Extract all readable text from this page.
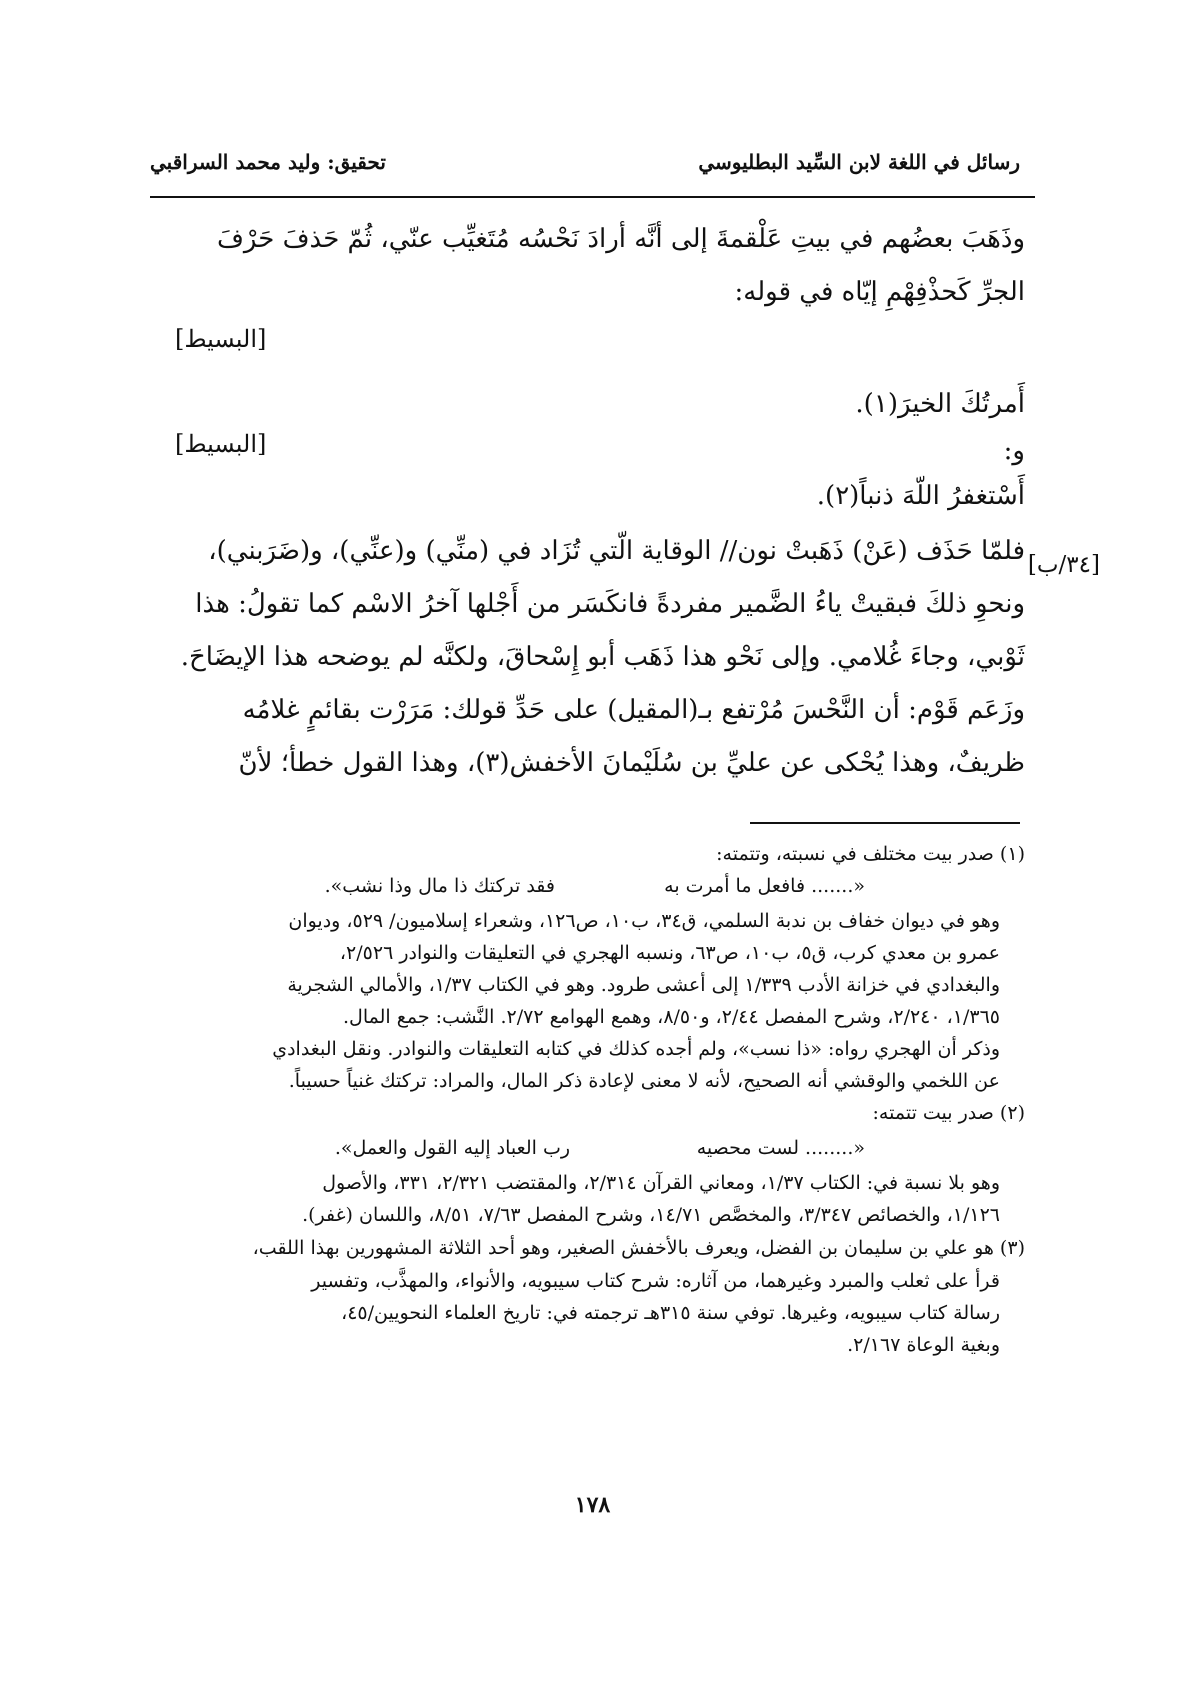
رسائل في اللغة لابن السِّيد البطليوسي
تحقيق: وليد محمد السراقبي
وذَهَبَ بعضُهم في بيتِ عَلْقمةَ إلى أنَّه أرادَ نَحْسُه مُتَغيِّب عنّي، ثُمّ حَذفَ حَرْفَ
الجرِّ كَحذْفِهْمِ إيّاه في قوله:
[البسيط]
أَمرتُكَ الخيرَ(١).
[البسيط]	و:
أَسْتغفرُ اللّهَ ذنباً(٢).
[٣٤/ب]
فلمّا حَذَف (عَنْ) ذَهَبتْ نون// الوقاية الّتي تُزَاد في (منِّي) و(عنِّي)، و(ضَرَبني)،
ونحوِ ذلكَ فبقيتْ ياءُ الضَّمير مفردةً فانكَسَر من أَجْلها آخرُ الاسْم كما تقولُ: هذا
ثَوْبي، وجاءَ غُلامي. وإلى نَحْو هذا ذَهَب أبو إِسْحاقَ، ولكنَّه لم يوضحه هذا الإيضَاحَ.
وزَعَم قَوْم: أن النَّحْسَ مُرْتفع بـ(المقيل) على حَدِّ قولك: مَرَرْت بقائمٍ غلامُه
ظريفٌ، وهذا يُحْكى عن عليِّ بن سُلَيْمانَ الأخفش(٣)، وهذا القول خطأ؛ لأنّ
(١) صدر بيت مختلف في نسبته، وتتمته:
«....... فافعل ما أمرت به
فقد تركتك ذا مال وذا نشب».
وهو في ديوان خفاف بن ندبة السلمي، ق٣٤، ب١٠، ص١٢٦، وشعراء إسلاميون/ ٥٢٩، وديوان
عمرو بن معدي كرب، ق٥، ب١٠، ص٦٣، ونسبه الهجري في التعليقات والنوادر ٢/٥٢٦،
والبغدادي في خزانة الأدب ١/٣٣٩ إلى أعشى طرود. وهو في الكتاب ١/٣٧، والأمالي الشجرية
١/٣٦٥، ٢/٢٤٠، وشرح المفصل ٢/٤٤، و٨/٥٠، وهمع الهوامع ٢/٧٢. النَّشب: جمع المال.
وذكر أن الهجري رواه: «ذا نسب»، ولم أجده كذلك في كتابه التعليقات والنوادر. ونقل البغدادي
عن اللخمي والوقشي أنه الصحيح، لأنه لا معنى لإعادة ذكر المال، والمراد: تركتك غنياً حسيباً.
(٢) صدر بيت تتمته:
«........ لست محصيه
رب العباد إليه القول والعمل».
وهو بلا نسبة في: الكتاب ١/٣٧، ومعاني القرآن ٢/٣١٤، والمقتضب ٢/٣٢١، ٣٣١، والأصول
١/١٢٦، والخصائص ٣/٣٤٧، والمخصَّص ١٤/٧١، وشرح المفصل ٧/٦٣، ٨/٥١، واللسان (غفر).
(٣) هو علي بن سليمان بن الفضل، ويعرف بالأخفش الصغير، وهو أحد الثلاثة المشهورين بهذا اللقب،
قرأ على ثعلب والمبرد وغيرهما، من آثاره: شرح كتاب سيبويه، والأنواء، والمهذَّب، وتفسير
رسالة كتاب سيبويه، وغيرها. توفي سنة ٣١٥هـ ترجمته في: تاريخ العلماء النحويين/٤٥،
وبغية الوعاة ٢/١٦٧.
١٧٨
